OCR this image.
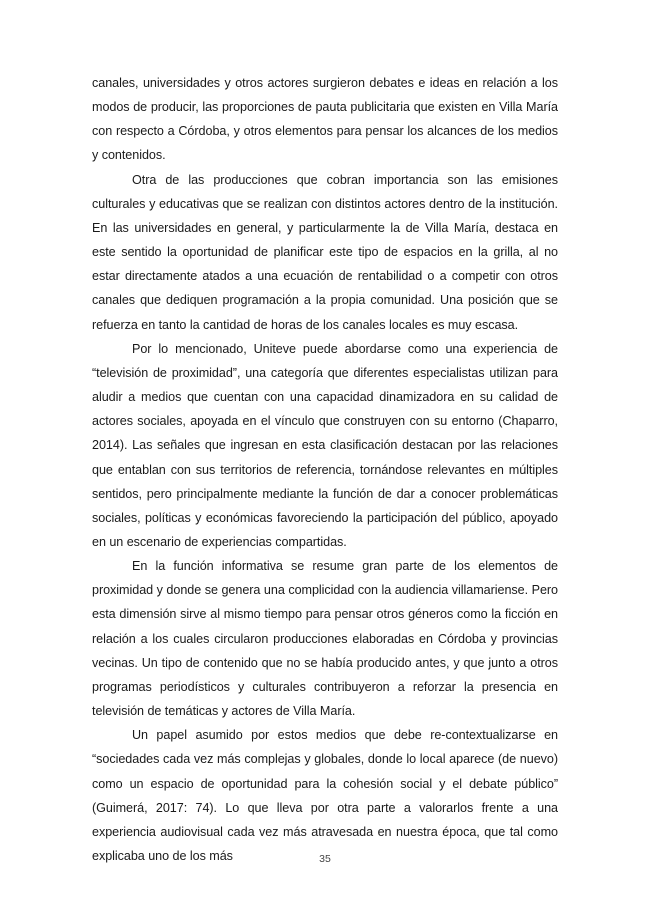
canales, universidades y otros actores surgieron debates e ideas en relación a los modos de producir, las proporciones de pauta publicitaria que existen en Villa María con respecto a Córdoba, y otros elementos para pensar los alcances de los medios y contenidos.

Otra de las producciones que cobran importancia son las emisiones culturales y educativas que se realizan con distintos actores dentro de la institución. En las universidades en general, y particularmente la de Villa María, destaca en este sentido la oportunidad de planificar este tipo de espacios en la grilla, al no estar directamente atados a una ecuación de rentabilidad o a competir con otros canales que dediquen programación a la propia comunidad. Una posición que se refuerza en tanto la cantidad de horas de los canales locales es muy escasa.

Por lo mencionado, Uniteve puede abordarse como una experiencia de “televisión de proximidad”, una categoría que diferentes especialistas utilizan para aludir a medios que cuentan con una capacidad dinamizadora en su calidad de actores sociales, apoyada en el vínculo que construyen con su entorno (Chaparro, 2014). Las señales que ingresan en esta clasificación destacan por las relaciones que entablan con sus territorios de referencia, tornándose relevantes en múltiples sentidos, pero principalmente mediante la función de dar a conocer problemáticas sociales, políticas y económicas favoreciendo la participación del público, apoyado en un escenario de experiencias compartidas.

En la función informativa se resume gran parte de los elementos de proximidad y donde se genera una complicidad con la audiencia villamariense. Pero esta dimensión sirve al mismo tiempo para pensar otros géneros como la ficción en relación a los cuales circularon producciones elaboradas en Córdoba y provincias vecinas. Un tipo de contenido que no se había producido antes, y que junto a otros programas periodísticos y culturales contribuyeron a reforzar la presencia en televisión de temáticas y actores de Villa María.

Un papel asumido por estos medios que debe re-contextualizarse en “sociedades cada vez más complejas y globales, donde lo local aparece (de nuevo) como un espacio de oportunidad para la cohesión social y el debate público” (Guimerá, 2017: 74). Lo que lleva por otra parte a valorarlos frente a una experiencia audiovisual cada vez más atravesada en nuestra época, que tal como explicaba uno de los más	35
